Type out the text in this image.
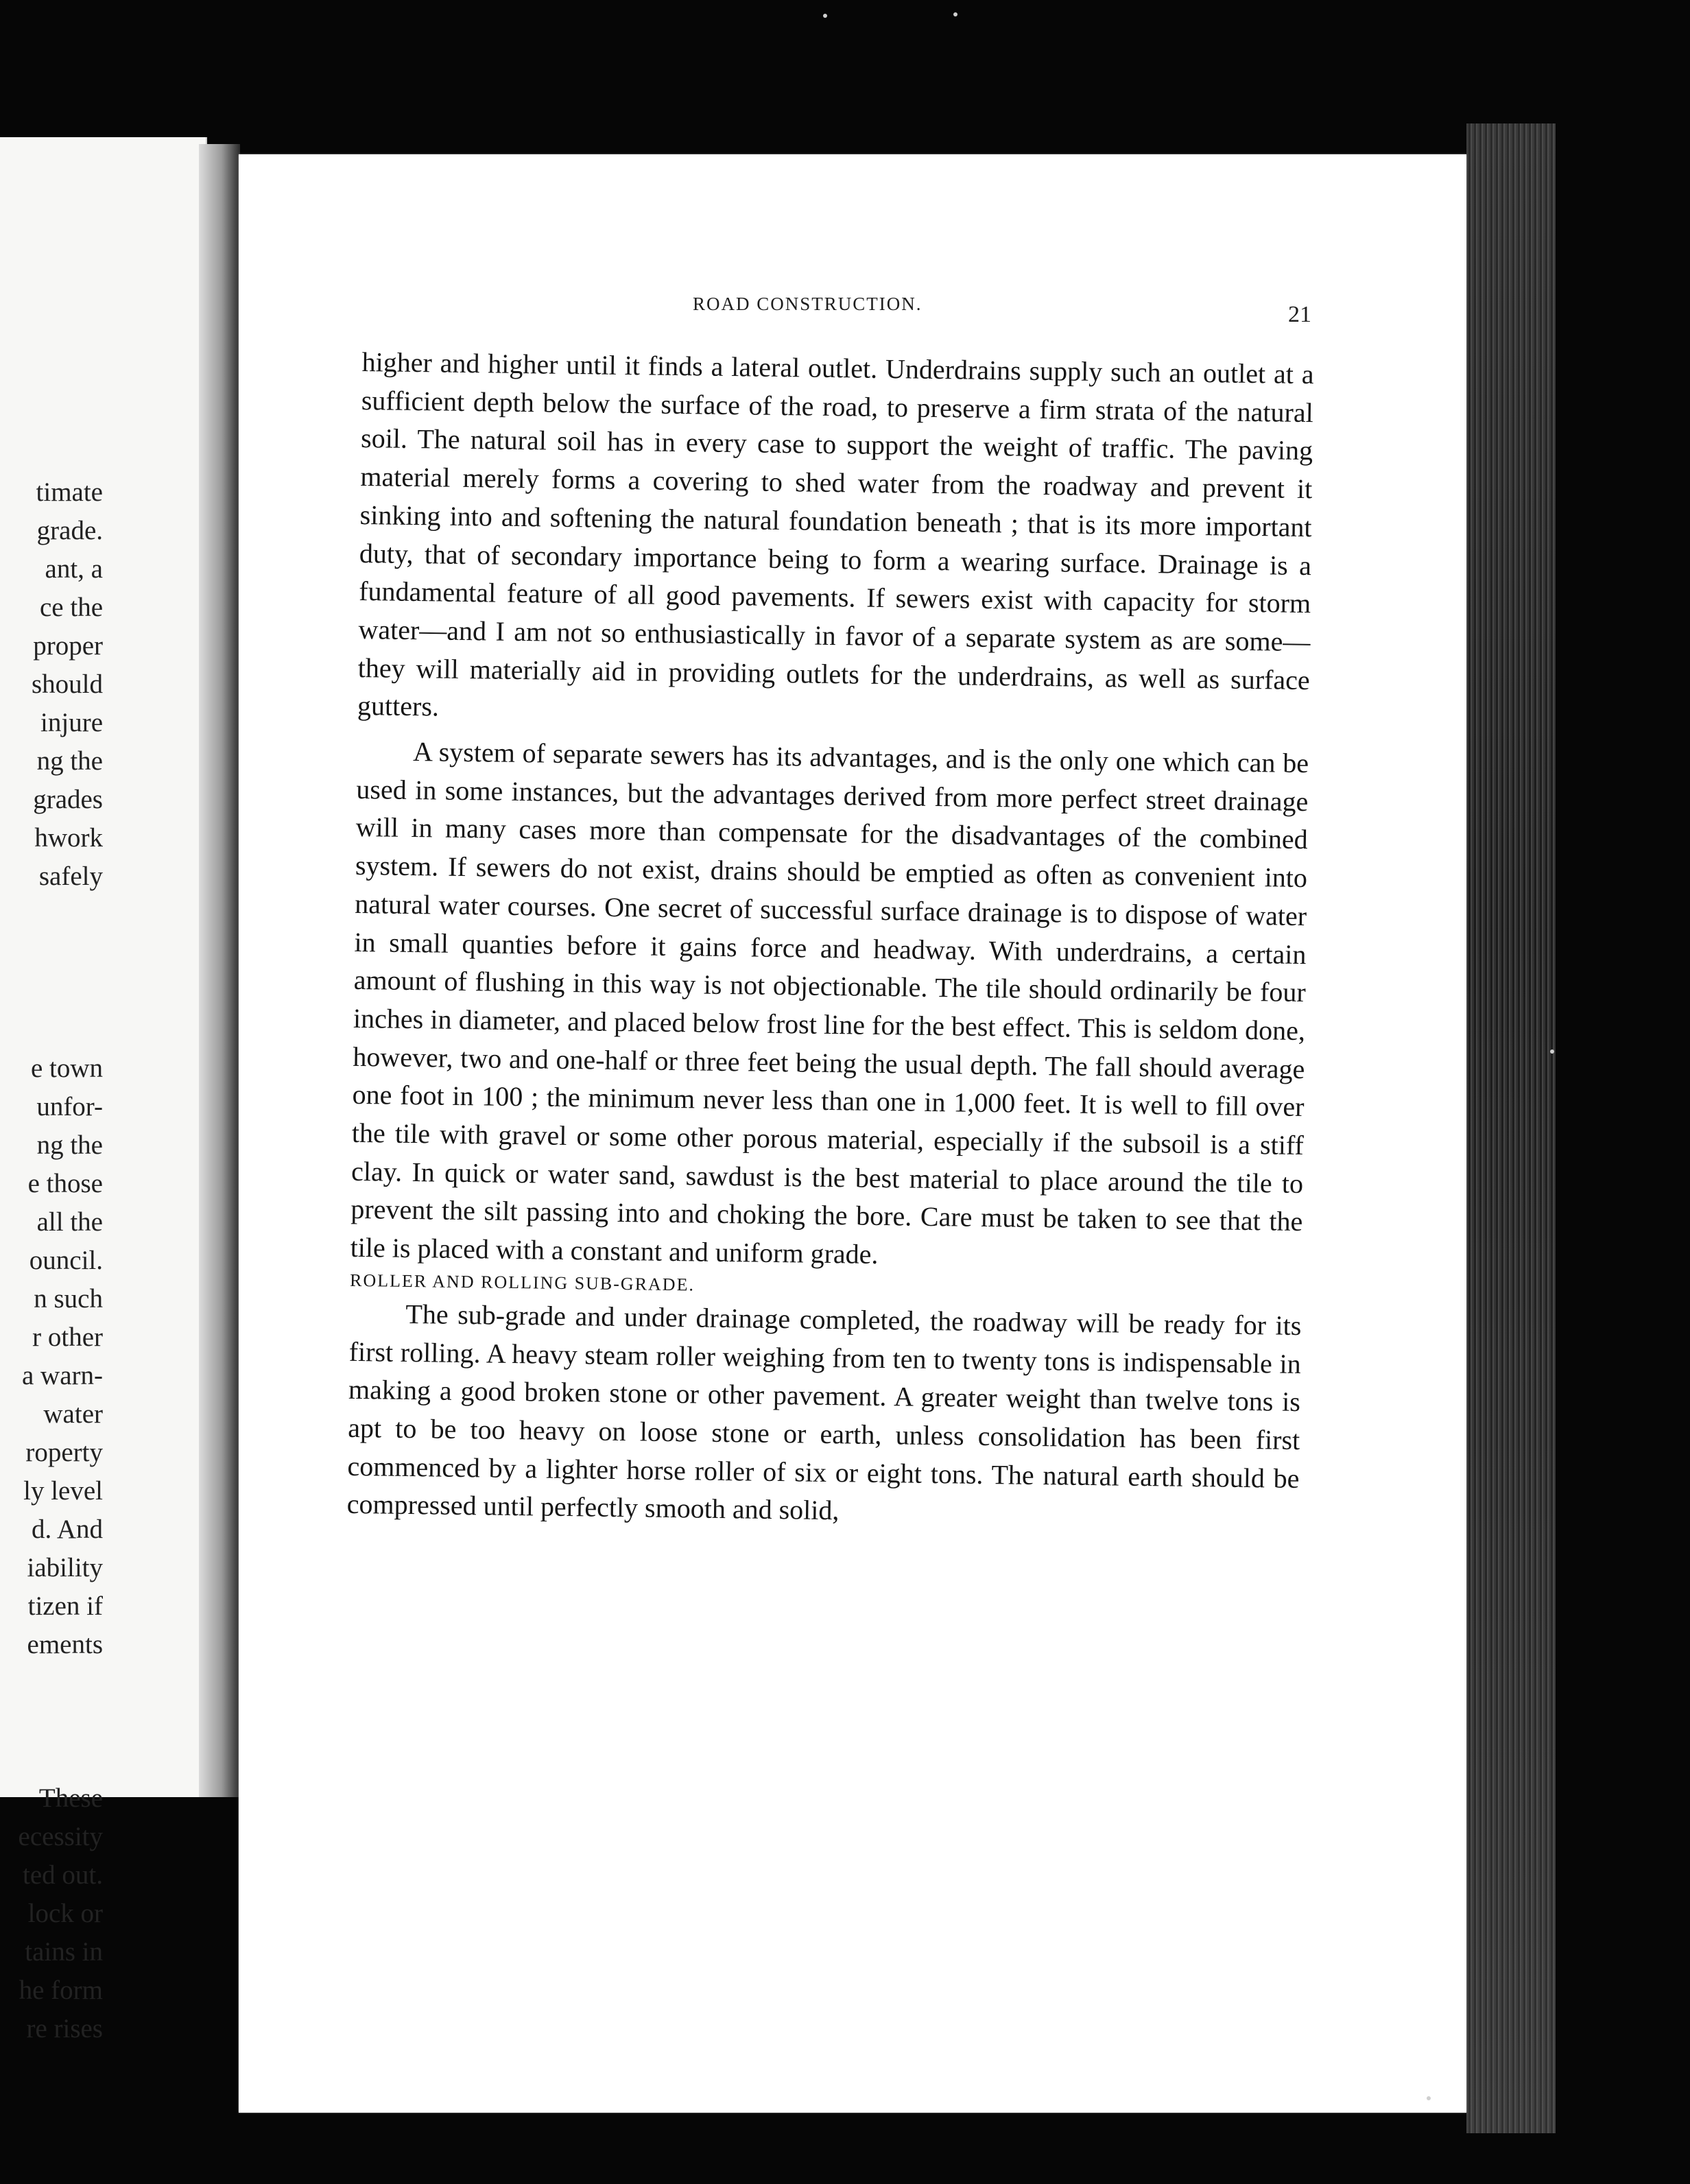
timate
grade.
ant, a
ce the
proper
should
injure
ng the
grades
hwork
safely
e town
unfor-
ng the
e those
all the
ouncil.
n such
r other
a warn-
water
roperty
ly level
d. And
iability
tizen if
ements
These
ecessity
ted out.
lock or
tains in
he form
re rises
ROAD CONSTRUCTION.	21

higher and higher until it finds a lateral outlet. Underdrains supply such an outlet at a sufficient depth below the surface of the road, to preserve a firm strata of the natural soil. The natural soil has in every case to support the weight of traffic. The paving material merely forms a covering to shed water from the roadway and prevent it sinking into and softening the natural foundation beneath ; that is its more important duty, that of secondary importance being to form a wearing surface. Drainage is a fundamental feature of all good pavements. If sewers exist with capacity for storm water—and I am not so enthusiastically in favor of a separate system as are some—they will materially aid in providing outlets for the underdrains, as well as surface gutters.

A system of separate sewers has its advantages, and is the only one which can be used in some instances, but the advantages derived from more perfect street drainage will in many cases more than compensate for the disadvantages of the combined system. If sewers do not exist, drains should be emptied as often as convenient into natural water courses. One secret of successful surface drainage is to dispose of water in small quanties before it gains force and headway. With underdrains, a certain amount of flushing in this way is not objectionable. The tile should ordinarily be four inches in diameter, and placed below frost line for the best effect. This is seldom done, however, two and one-half or three feet being the usual depth. The fall should average one foot in 100 ; the minimum never less than one in 1,000 feet. It is well to fill over the tile with gravel or some other porous material, especially if the subsoil is a stiff clay. In quick or water sand, sawdust is the best material to place around the tile to prevent the silt passing into and choking the bore. Care must be taken to see that the tile is placed with a constant and uniform grade.

ROLLER AND ROLLING SUB-GRADE.

The sub-grade and under drainage completed, the roadway will be ready for its first rolling. A heavy steam roller weighing from ten to twenty tons is indispensable in making a good broken stone or other pavement. A greater weight than twelve tons is apt to be too heavy on loose stone or earth, unless consolidation has been first commenced by a lighter horse roller of six or eight tons. The natural earth should be compressed until perfectly smooth and solid,
